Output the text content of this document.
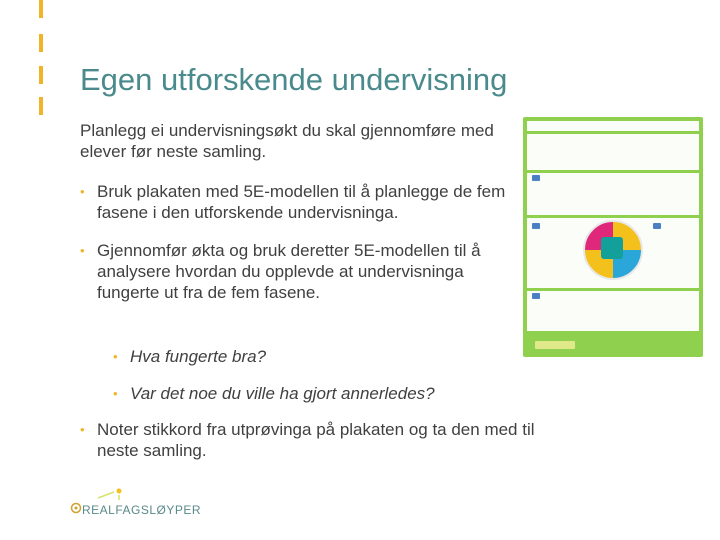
Egen utforskende undervisning
Planlegg ei undervisningsøkt du skal gjennomføre med elever før neste samling.
• Bruk plakaten med 5E-modellen til å planlegge de fem fasene i den utforskende undervisninga.
• Gjennomfør økta og bruk deretter 5E-modellen til å analysere hvordan du opplevde at undervisninga fungerte ut fra de fem fasene.
• Hva fungerte bra?
• Var det noe du ville ha gjort annerledes?
• Noter stikkord fra utprøvinga på plakaten og ta den med til neste samling.
REALFAGSLØYPER
